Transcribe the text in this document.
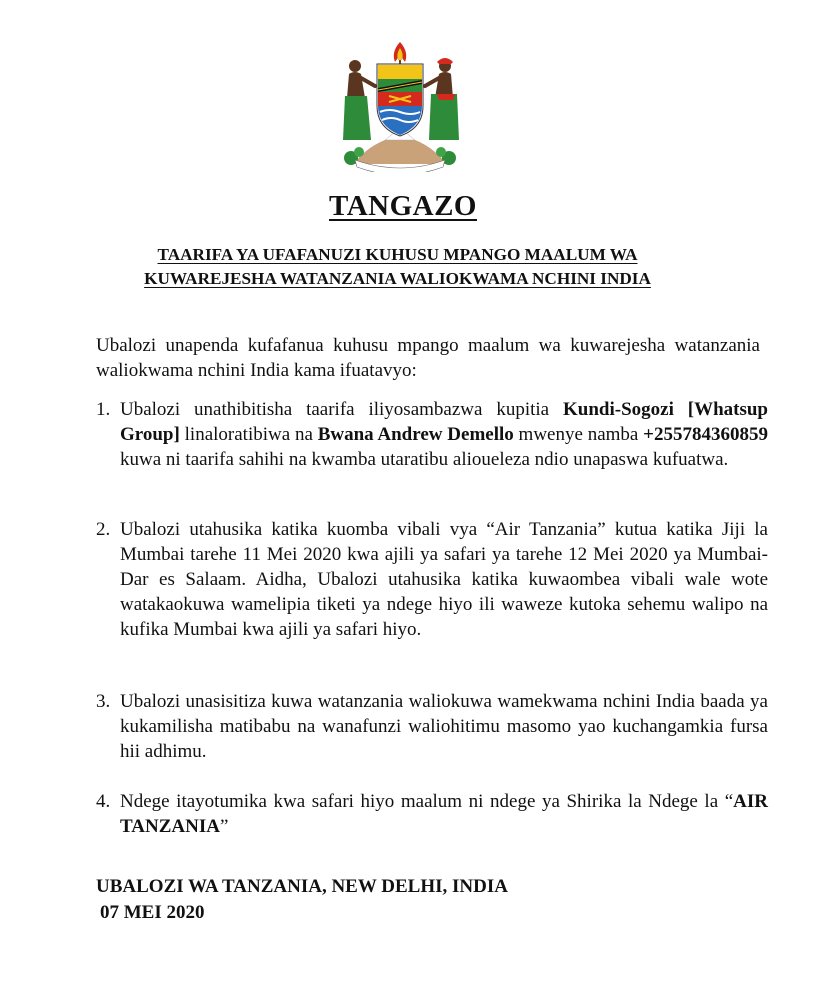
TANGAZO
TAARIFA YA UFAFANUZI KUHUSU MPANGO MAALUM WA
KUWAREJESHA WATANZANIA WALIOKWAMA NCHINI INDIA
Ubalozi unapenda kufafanua kuhusu mpango maalum wa kuwarejesha watanzania waliokwama nchini India kama ifuatavyo:
1. Ubalozi unathibitisha taarifa iliyosambazwa kupitia Kundi-Sogozi [Whatsup Group] linaloratibiwa na Bwana Andrew Demello mwenye namba +255784360859 kuwa ni taarifa sahihi na kwamba utaratibu alioueleza ndio unapaswa kufuatwa.
2. Ubalozi utahusika katika kuomba vibali vya “Air Tanzania” kutua katika Jiji la Mumbai tarehe 11 Mei 2020 kwa ajili ya safari ya tarehe 12 Mei 2020 ya Mumbai-Dar es Salaam. Aidha, Ubalozi utahusika katika kuwaombea vibali wale wote watakaokuwa wamelipia tiketi ya ndege hiyo ili waweze kutoka sehemu walipo na kufika Mumbai kwa ajili ya safari hiyo.
3. Ubalozi unasisitiza kuwa watanzania waliokuwa wamekwama nchini India baada ya kukamilisha matibabu na wanafunzi waliohitimu masomo yao kuchangamkia fursa hii adhimu.
4. Ndege itayotumika kwa safari hiyo maalum ni ndege ya Shirika la Ndege la “AIR TANZANIA”
UBALOZI WA TANZANIA, NEW DELHI, INDIA
07 MEI 2020
